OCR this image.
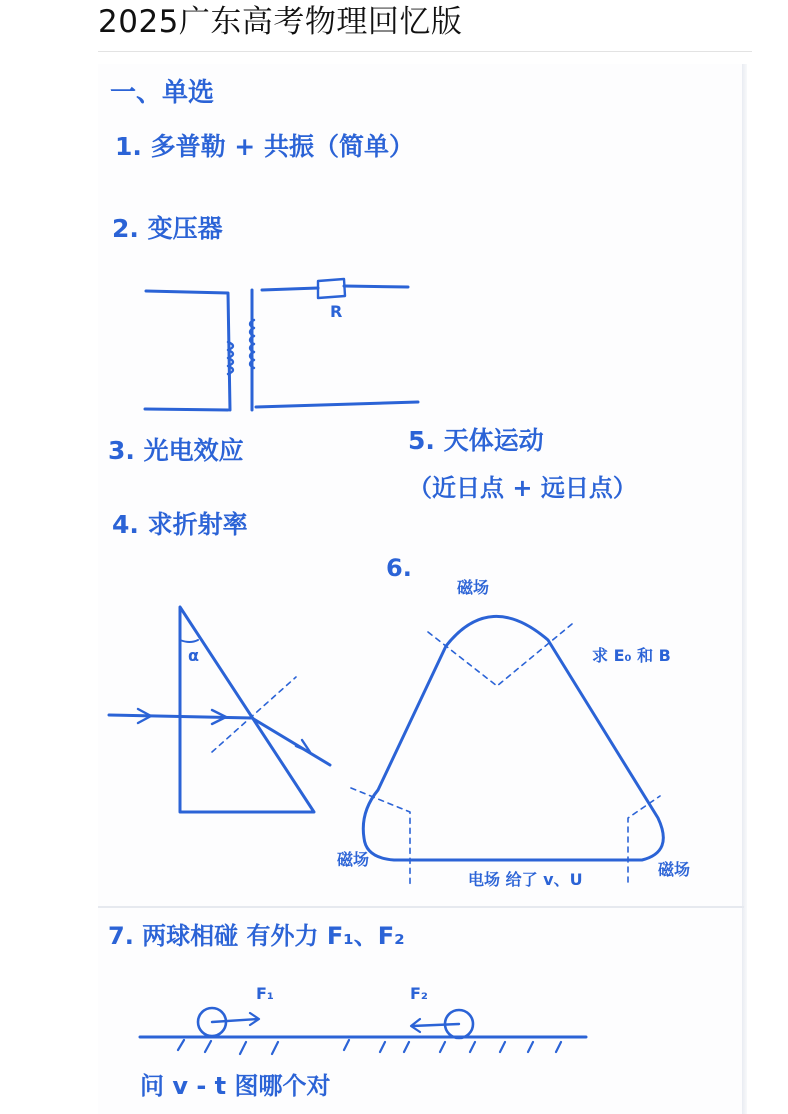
2025广东高考物理回忆版
一、单选
1. 多普勒 + 共振（简单）
2. 变压器
R
3. 光电效应
4. 求折射率
α
5. 天体运动
（近日点 + 远日点）
6.
磁场
求 E₀ 和 B
磁场
磁场
电场 给了 v、U
7. 两球相碰 有外力 F₁、F₂
F₁	F₂
问 v - t 图哪个对
